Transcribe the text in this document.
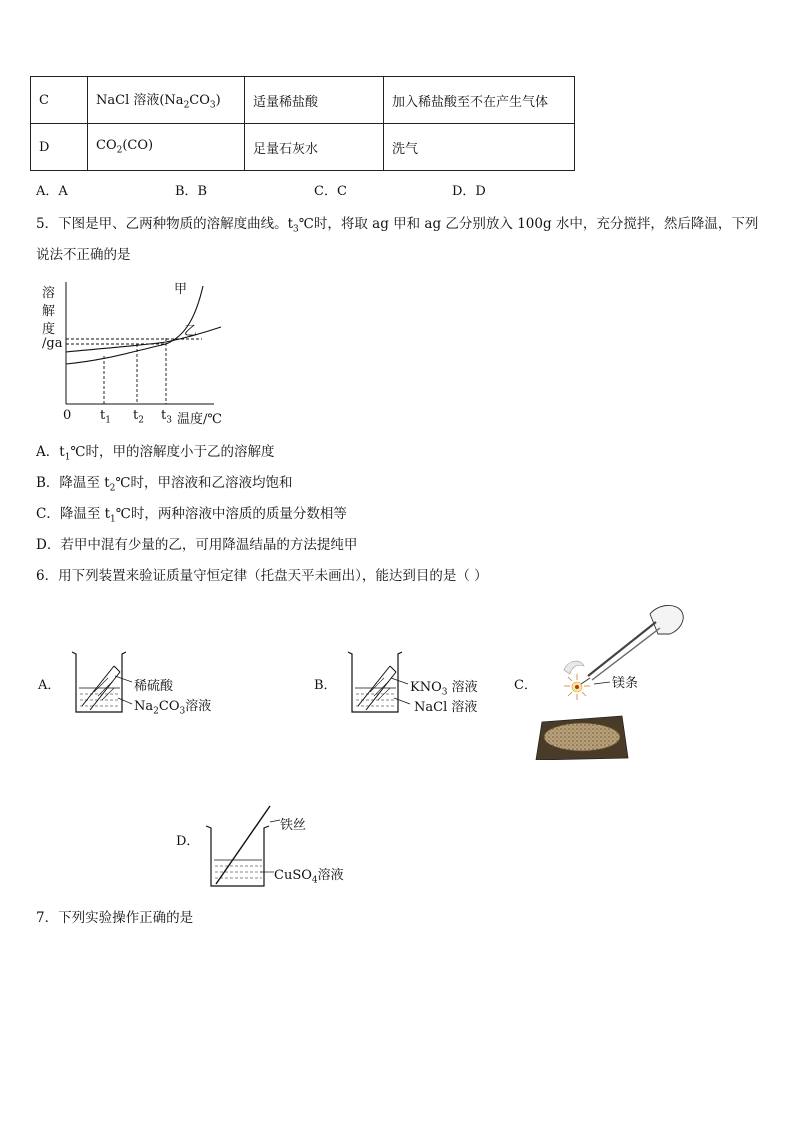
C	NaCl 溶液$(Na_2CO_3)$	适量稀盐酸	加入稀盐酸至不在产生气体
D	$CO_2(CO)$	足量石灰水	洗气
A．A	B．B	C．C	D．D
5．下图是甲、乙两种物质的溶解度曲线。$t_3℃$时，将取 ag 甲和 ag 乙分别放入 100g 水中，充分搅拌，然后降温，下列
说法不正确的是
溶
解
度
/ga
甲
乙
0 $t_1$ $t_2$ $t_3$ 温度/℃
A．$t_1℃$时，甲的溶解度小于乙的溶解度
B．降温至 $t_2℃$时，甲溶液和乙溶液均饱和
C．降温至 $t_1℃$时，两种溶液中溶质的质量分数相等
D．若甲中混有少量的乙，可用降温结晶的方法提纯甲
6．用下列装置来验证质量守恒定律（托盘天平未画出），能达到目的是（ ）
A．	稀硫酸
$Na_2CO_3$溶液
B．	$KNO_3$ 溶液
NaCl 溶液
C．	镁条
D．
铁丝
CuSO$_4$溶液
7．下列实验操作正确的是
